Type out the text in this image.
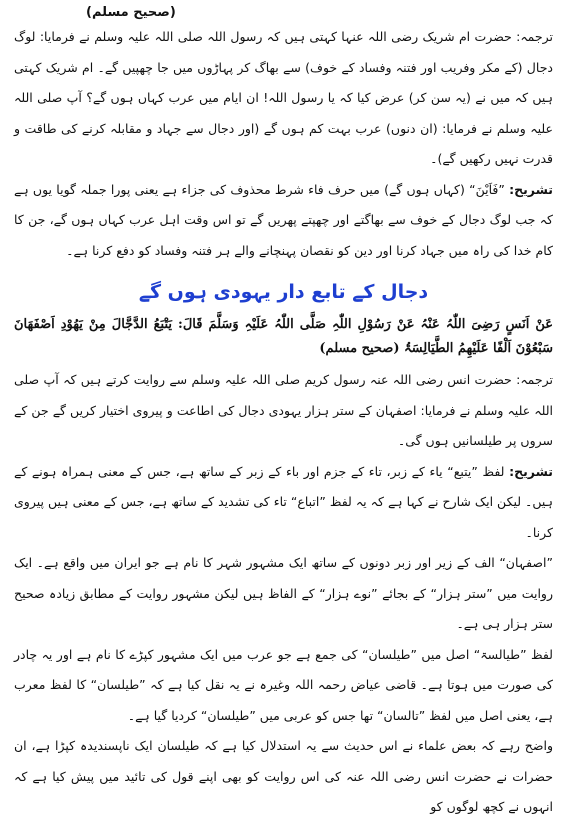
(صحیح مسلم)

ترجمہ: حضرت ام شریک رضی اللہ عنہا کہتی ہیں کہ رسول اللہ صلی اللہ علیہ وسلم نے فرمایا: لوگ دجال (کے مکر وفریب اور فتنہ وفساد کے خوف) سے بھاگ کر پہاڑوں میں جا چھپیں گے۔ ام شریک کہتی ہیں کہ میں نے (یہ سن کر) عرض کیا کہ یا رسول اللہ! ان ایام میں عرب کہاں ہوں گے؟ آپ صلی اللہ علیہ وسلم نے فرمایا: (ان دنوں) عرب بہت کم ہوں گے (اور دجال سے جہاد و مقابلہ کرنے کی طاقت و قدرت نہیں رکھیں گے)۔

تشریح: ”فَاَیْنَ“ (کہاں ہوں گے) میں حرف فاء شرط محذوف کی جزاء ہے یعنی پورا جملہ گویا یوں ہے کہ جب لوگ دجال کے خوف سے بھاگتے اور چھپتے پھریں گے تو اس وقت اہل عرب کہاں ہوں گے، جن کا کام خدا کی راہ میں جہاد کرنا اور دین کو نقصان پہنچانے والے ہر فتنہ وفساد کو دفع کرنا ہے۔

دجال کے تابع دار یہودی ہوں گے

عَنْ اَنَسٍ رَضِیَ اللّٰہُ عَنْہُ عَنْ رَسُوْلِ اللّٰہِ صَلَّی اللّٰہُ عَلَیْہِ وَسَلَّمَ قَالَ: یَتْبَعُ الدَّجَّالَ مِنْ یَھُوْدِ اَصْفَھَانَ سَبْعُوْنَ اَلْفًا عَلَیْھِمُ الطَّیَالِسَۃُ (صحیح مسلم)

ترجمہ: حضرت انس رضی اللہ عنہ رسول کریم صلی اللہ علیہ وسلم سے روایت کرتے ہیں کہ آپ صلی اللہ علیہ وسلم نے فرمایا: اصفہان کے ستر ہزار یہودی دجال کی اطاعت و پیروی اختیار کریں گے جن کے سروں پر طیلسانیں ہوں گی۔

تشریح: لفظ ”یتبع“ یاء کے زبر، تاء کے جزم اور باء کے زبر کے ساتھ ہے، جس کے معنی ہمراہ ہونے کے ہیں۔ لیکن ایک شارح نے کہا ہے کہ یہ لفظ ”اتباع“ تاء کی تشدید کے ساتھ ہے، جس کے معنی ہیں پیروی کرنا۔

”اصفہان“ الف کے زیر اور زبر دونوں کے ساتھ ایک مشہور شہر کا نام ہے جو ایران میں واقع ہے۔ ایک روایت میں ”ستر ہزار“ کے بجائے ”نوے ہزار“ کے الفاظ ہیں لیکن مشہور روایت کے مطابق زیادہ صحیح ستر ہزار ہی ہے۔

لفظ ”طیالسۃ“ اصل میں ”طیلسان“ کی جمع ہے جو عرب میں ایک مشہور کپڑے کا نام ہے اور یہ چادر کی صورت میں ہوتا ہے۔ قاضی عیاض رحمہ اللہ وغیرہ نے یہ نقل کیا ہے کہ ”طیلسان“ کا لفظ معرب ہے، یعنی اصل میں لفظ ”تالسان“ تھا جس کو عربی میں ”طیلسان“ کردیا گیا ہے۔

واضح رہے کہ بعض علماء نے اس حدیث سے یہ استدلال کیا ہے کہ طیلسان ایک ناپسندیدہ کپڑا ہے، ان حضرات نے حضرت انس رضی اللہ عنہ کی اس روایت کو بھی اپنے قول کی تائید میں پیش کیا ہے کہ انہوں نے کچھ لوگوں کو
